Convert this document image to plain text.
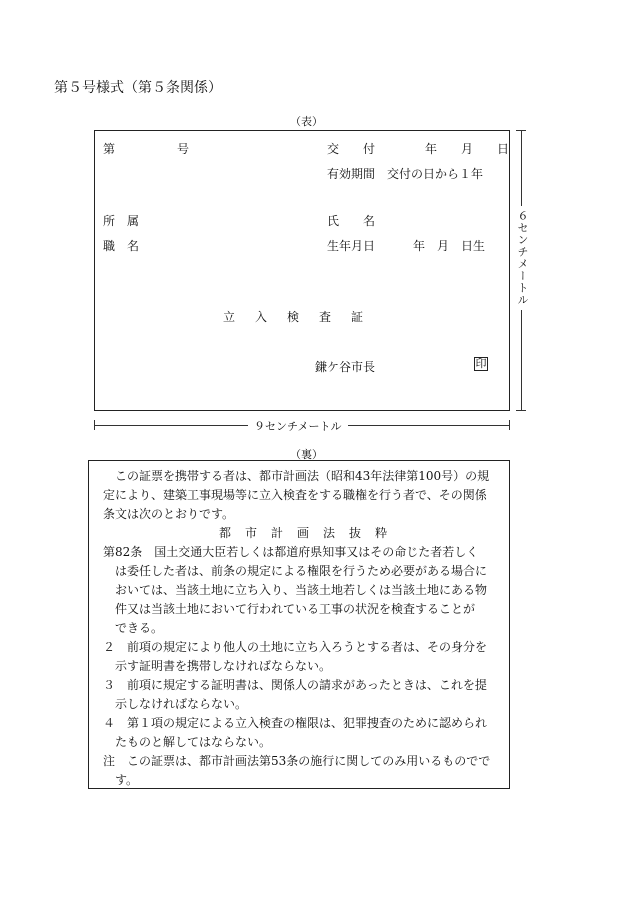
第５号様式（第５条関係）
（表）
第	号	交　　付	年　　月　　日
有効期間　交付の日から１年
所　属	氏　　名
職　名	生年月日	年　月　日生
立入検査証
鎌ケ谷市長	印
６センチメートル
９センチメートル
（裏）
　この証票を携帯する者は、都市計画法（昭和43年法律第100号）の規
定により、建築工事現場等に立入検査をする職権を行う者で、その関係
条文は次のとおりです。
都市計画法抜粋
第82条　国土交通大臣若しくは都道府県知事又はその命じた者若しく
は委任した者は、前条の規定による権限を行うため必要がある場合に
おいては、当該土地に立ち入り、当該土地若しくは当該土地にある物
件又は当該土地において行われている工事の状況を検査することが
できる。
２　前項の規定により他人の土地に立ち入ろうとする者は、その身分を
示す証明書を携帯しなければならない。
３　前項に規定する証明書は、関係人の請求があったときは、これを提
示しなければならない。
４　第１項の規定による立入検査の権限は、犯罪捜査のために認められ
たものと解してはならない。
注　この証票は、都市計画法第53条の施行に関してのみ用いるものでで
す。
